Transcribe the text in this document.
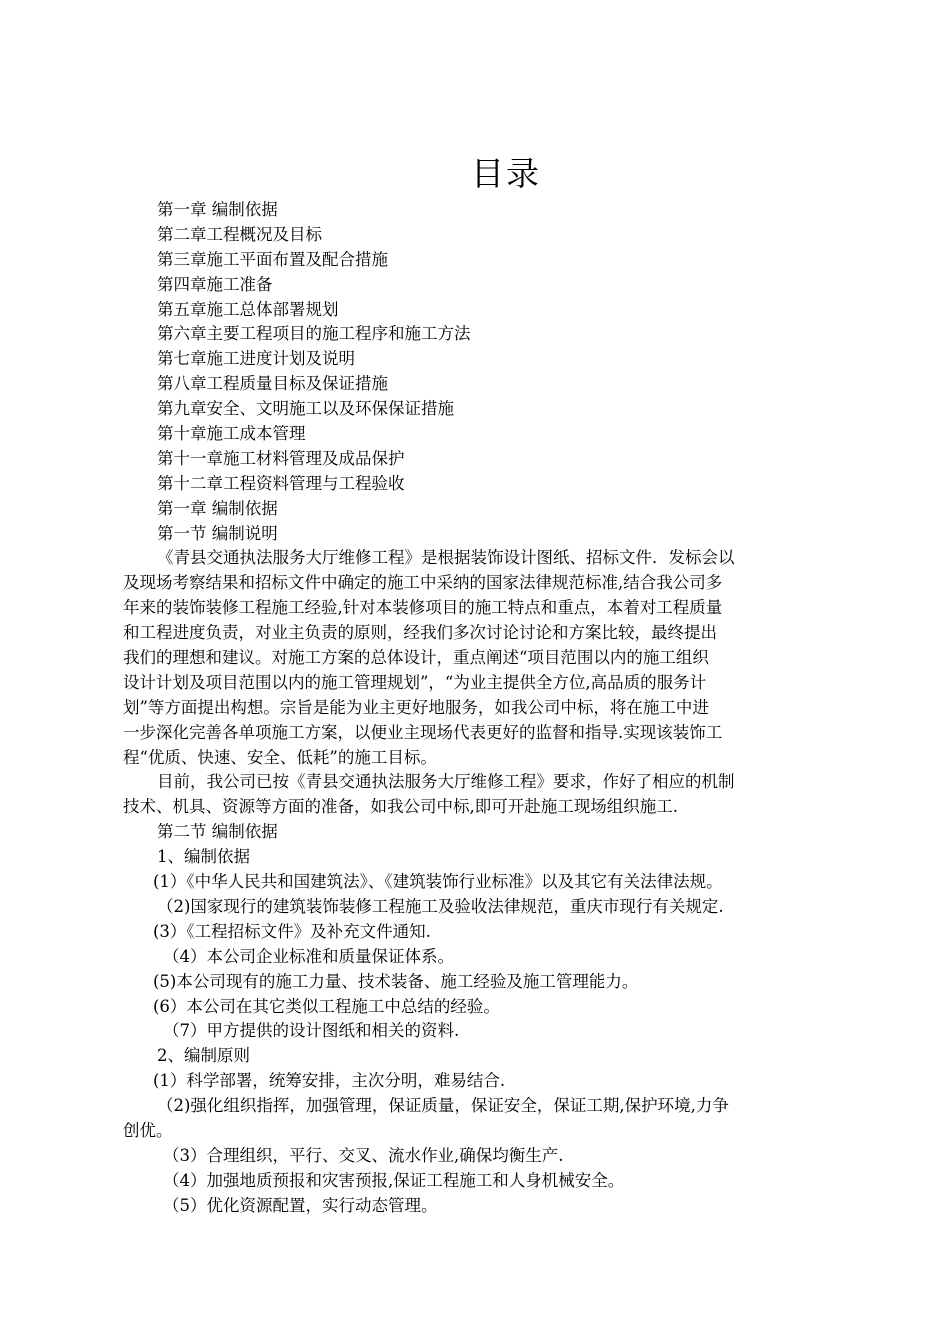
目录
第一章 编制依据
第二章工程概况及目标
第三章施工平面布置及配合措施
第四章施工准备
第五章施工总体部署规划
第六章主要工程项目的施工程序和施工方法
第七章施工进度计划及说明
第八章工程质量目标及保证措施
第九章安全、文明施工以及环保保证措施
第十章施工成本管理
第十一章施工材料管理及成品保护
第十二章工程资料管理与工程验收
第一章 编制依据
第一节 编制说明
《青县交通执法服务大厅维修工程》是根据装饰设计图纸、招标文件．发标会以
及现场考察结果和招标文件中确定的施工中采纳的国家法律规范标准,结合我公司多
年来的装饰装修工程施工经验,针对本装修项目的施工特点和重点，本着对工程质量
和工程进度负责，对业主负责的原则，经我们多次讨论讨论和方案比较，最终提出
我们的理想和建议。对施工方案的总体设计，重点阐述“项目范围以内的施工组织
设计计划及项目范围以内的施工管理规划”，“为业主提供全方位,高品质的服务计
划”等方面提出构想。宗旨是能为业主更好地服务，如我公司中标，将在施工中进
一步深化完善各单项施工方案，以便业主现场代表更好的监督和指导.实现该装饰工
程“优质、快速、安全、低耗”的施工目标。
目前，我公司已按《青县交通执法服务大厅维修工程》要求，作好了相应的机制
技术、机具、资源等方面的准备，如我公司中标,即可开赴施工现场组织施工.
第二节 编制依据
1、编制依据
(1）《中华人民共和国建筑法》、《建筑装饰行业标准》以及其它有关法律法规。
（2)国家现行的建筑装饰装修工程施工及验收法律规范，重庆市现行有关规定.
(3）《工程招标文件》及补充文件通知.
（4）本公司企业标准和质量保证体系。
(5)本公司现有的施工力量、技术装备、施工经验及施工管理能力。
(6）本公司在其它类似工程施工中总结的经验。
（7）甲方提供的设计图纸和相关的资料.
2、编制原则
(1）科学部署，统筹安排，主次分明，难易结合.
（2)强化组织指挥，加强管理，保证质量，保证安全，保证工期,保护环境,力争
创优。
（3）合理组织，平行、交叉、流水作业,确保均衡生产.
（4）加强地质预报和灾害预报,保证工程施工和人身机械安全。
（5）优化资源配置，实行动态管理。
